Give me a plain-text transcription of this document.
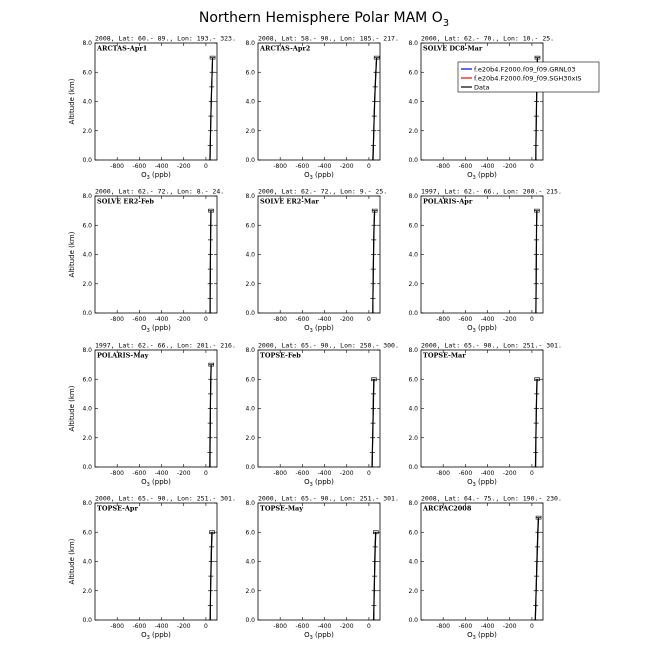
Northern Hemisphere Polar MAM $O_3$
2008, Lat: 60.- 89., Lon: 193.- 323.
ARCTAS-Apr1
-800 -600 -400 -200 0
0.0
2.0
4.0
6.0
8.0
$O_3$ (ppb)
Altitude (km)
2008, Lat: 58.- 90., Lon: 185.- 217.
ARCTAS-Apr2
-800 -600 -400 -200 0
0.0
2.0
4.0
6.0
8.0
$O_3$ (ppb)
2000, Lat: 62.- 70., Lon: 10.- 25.
SOLVE DC8-Mar
-800 -600 -400 -200 0
0.0
2.0
4.0
6.0
8.0
$O_3$ (ppb)
2000, Lat: 62.- 72., Lon: 8.- 24.
SOLVE ER2-Feb
-800 -600 -400 -200 0
0.0
2.0
4.0
6.0
8.0
$O_3$ (ppb)
Altitude (km)
2000, Lat: 62.- 72., Lon: 9.- 25.
SOLVE ER2-Mar
-800 -600 -400 -200 0
0.0
2.0
4.0
6.0
8.0
$O_3$ (ppb)
1997, Lat: 62.- 66., Lon: 200.- 215.
POLARIS-Apr
-800 -600 -400 -200 0
0.0
2.0
4.0
6.0
8.0
$O_3$ (ppb)
1997, Lat: 62.- 66., Lon: 201.- 216.
POLARIS-May
-800 -600 -400 -200 0
0.0
2.0
4.0
6.0
8.0
$O_3$ (ppb)
Altitude (km)
2000, Lat: 65.- 90., Lon: 250.- 300.
TOPSE-Feb
-800 -600 -400 -200 0
0.0
2.0
4.0
6.0
8.0
$O_3$ (ppb)
2000, Lat: 65.- 90., Lon: 251.- 301.
TOPSE-Mar
-800 -600 -400 -200 0
0.0
2.0
4.0
6.0
8.0
$O_3$ (ppb)
2000, Lat: 65.- 90., Lon: 251.- 301.
TOPSE-Apr
-800 -600 -400 -200 0
0.0
2.0
4.0
6.0
8.0
$O_3$ (ppb)
Altitude (km)
2000, Lat: 65.- 90., Lon: 251.- 301.
TOPSE-May
-800 -600 -400 -200 0
0.0
2.0
4.0
6.0
8.0
$O_3$ (ppb)
2008, Lat: 64.- 75., Lon: 190.- 230.
ARCPAC2008
-800 -600 -400 -200 0
0.0
2.0
4.0
6.0
8.0
$O_3$ (ppb)
f.e20b4.F2000.f09_f09.GRNL03
f.e20b4.F2000.f09_f09.SGH30xIS
Data
